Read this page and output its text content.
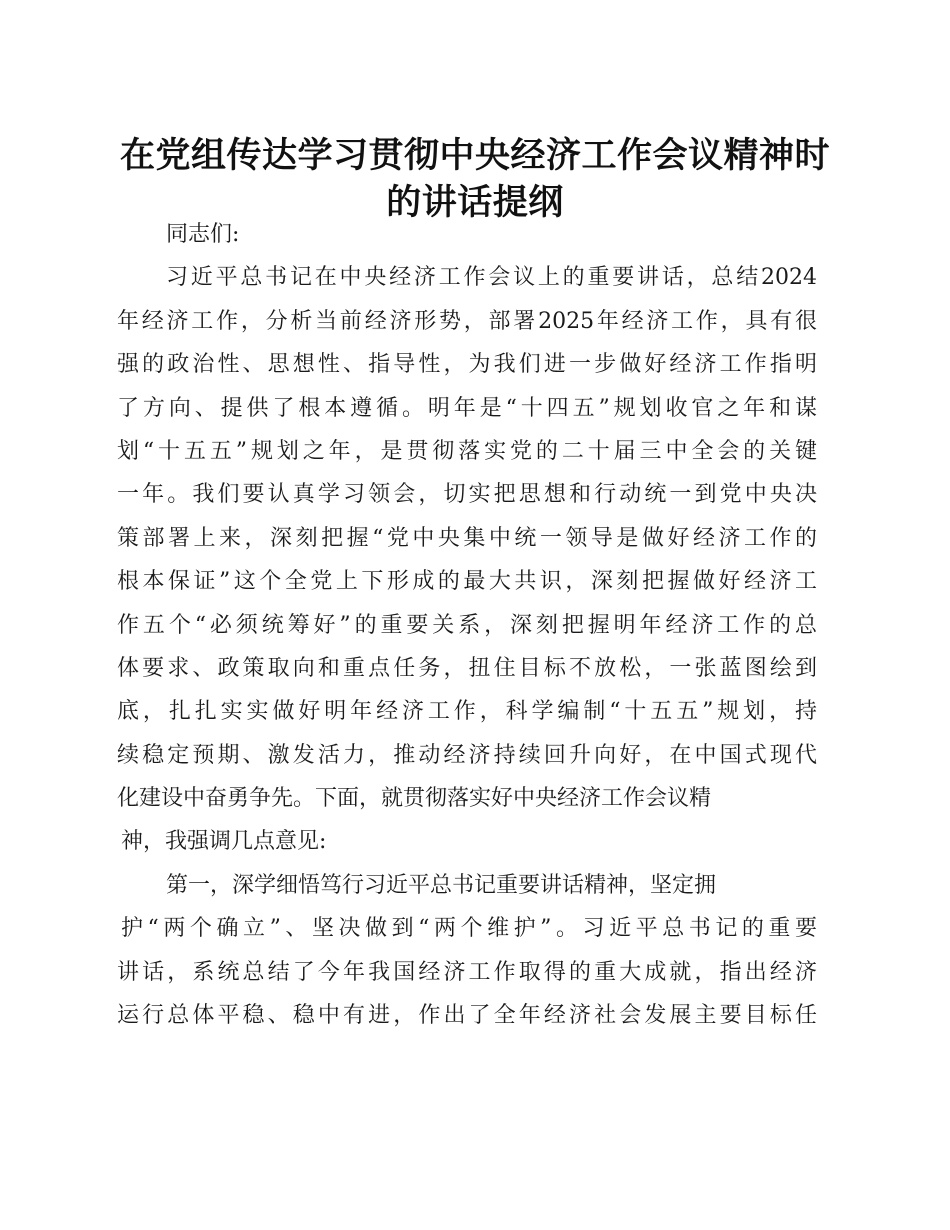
在党组传达学习贯彻中央经济工作会议精神时
的讲话提纲
同志们:
习近平总书记在中央经济工作会议上的重要讲话，总结2024
年经济工作，分析当前经济形势，部署2025年经济工作，具有很
强的政治性、思想性、指导性，为我们进一步做好经济工作指明
了方向、提供了根本遵循。明年是“十四五”规划收官之年和谋
划“十五五”规划之年，是贯彻落实党的二十届三中全会的关键
一年。我们要认真学习领会，切实把思想和行动统一到党中央决
策部署上来，深刻把握“党中央集中统一领导是做好经济工作的
根本保证”这个全党上下形成的最大共识，深刻把握做好经济工
作五个“必须统筹好”的重要关系，深刻把握明年经济工作的总
体要求、政策取向和重点任务，扭住目标不放松，一张蓝图绘到
底，扎扎实实做好明年经济工作，科学编制“十五五”规划，持
续稳定预期、激发活力，推动经济持续回升向好，在中国式现代
化建设中奋勇争先。下面，就贯彻落实好中央经济工作会议精
神，我强调几点意见:
第一，深学细悟笃行习近平总书记重要讲话精神，坚定拥
护“两个确立”、坚决做到“两个维护”。习近平总书记的重要
讲话，系统总结了今年我国经济工作取得的重大成就，指出经济
运行总体平稳、稳中有进，作出了全年经济社会发展主要目标任
